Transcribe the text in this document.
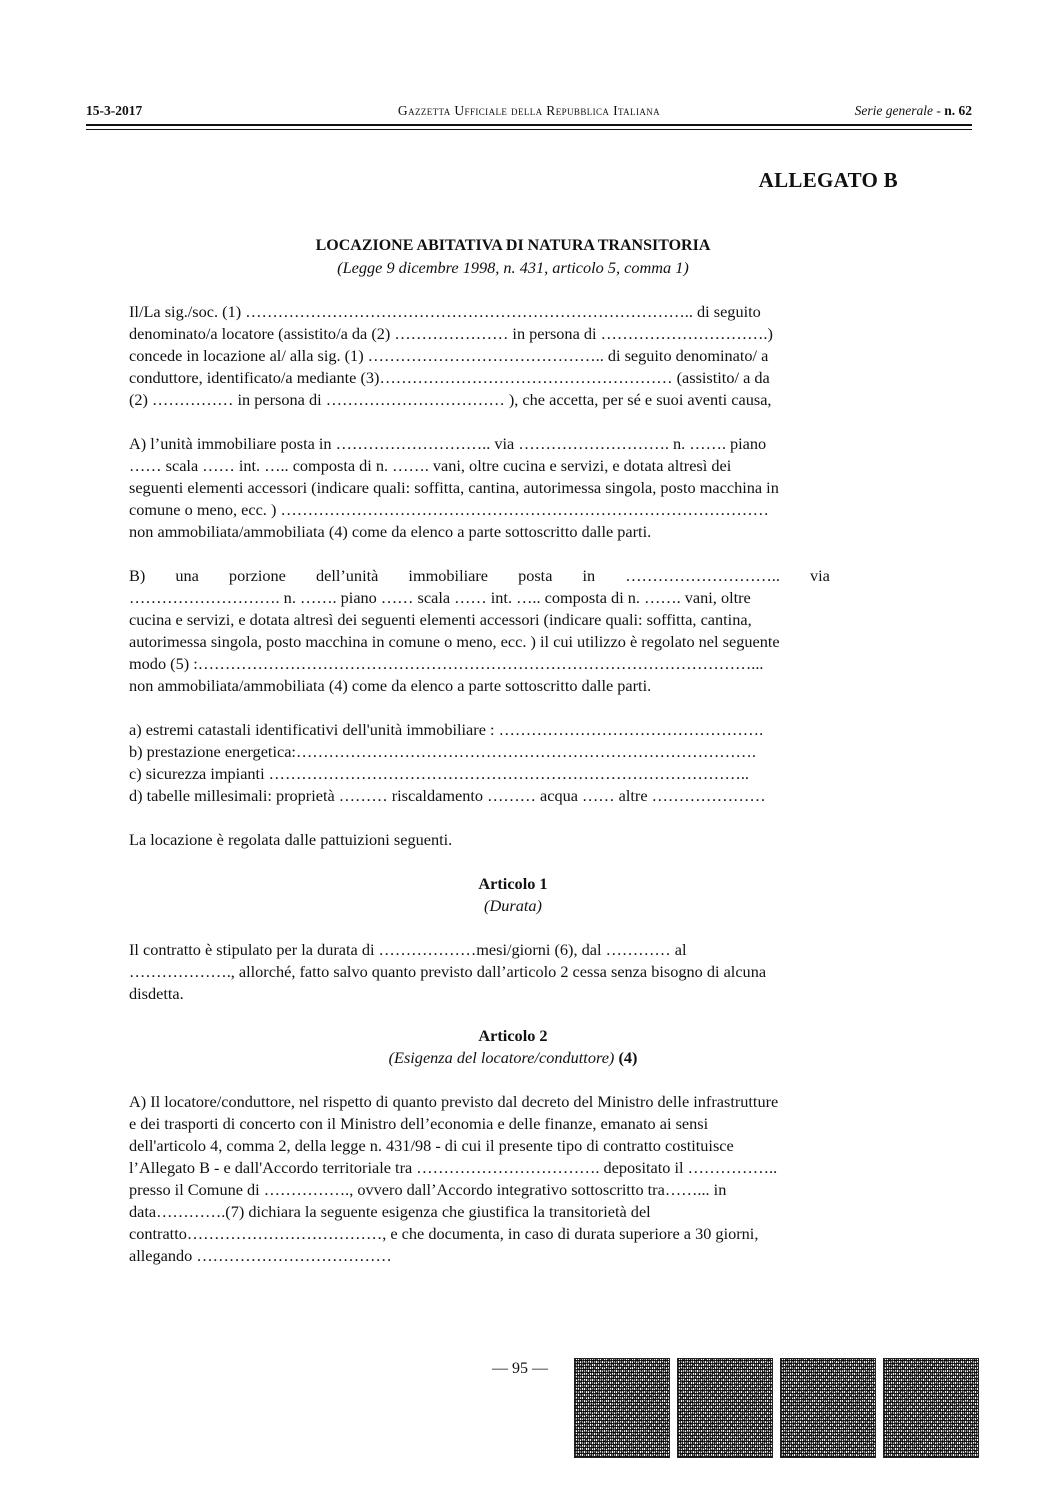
15-3-2017	Gazzetta Ufficiale della Repubblica Italiana	Serie generale - n. 62
ALLEGATO B

LOCAZIONE ABITATIVA DI NATURA TRANSITORIA

(Legge 9 dicembre 1998, n. 431, articolo 5, comma 1)

Il/La sig./soc. (1) ……………………………………………………………………….. di seguito

denominato/a locatore (assistito/a da (2) ………………… in persona di ………………………….)

concede in locazione al/ alla sig. (1) …………………………………….. di seguito denominato/ a

conduttore, identificato/a mediante (3)……………………………………………… (assistito/ a da

(2) …………… in persona di …………………………… ), che accetta, per sé e suoi aventi causa,

A) l’unità immobiliare posta in ……………………….. via ………………………. n. ……. piano

…… scala …… int. ….. composta di n. ……. vani, oltre cucina e servizi, e dotata altresì dei

seguenti elementi accessori (indicare quali: soffitta, cantina, autorimessa singola, posto macchina in

comune o meno, ecc. ) ………………………………………………………………………………

non ammobiliata/ammobiliata (4) come da elenco a parte sottoscritto dalle parti.

B) una porzione dell’unità immobiliare posta in ……………………….. via

………………………. n. ……. piano …… scala …… int. ….. composta di n. ……. vani, oltre

cucina e servizi, e dotata altresì dei seguenti elementi accessori (indicare quali: soffitta, cantina,

autorimessa singola, posto macchina in comune o meno, ecc. ) il cui utilizzo è regolato nel seguente

modo (5) :…………………………………………………………………………………………...

non ammobiliata/ammobiliata (4) come da elenco a parte sottoscritto dalle parti.

a) estremi catastali identificativi dell'unità immobiliare : ………………………………………….

b) prestazione energetica:………………………………………………………………………….

c) sicurezza impianti ……………………………………………………………………………..

d) tabelle millesimali: proprietà ……… riscaldamento ……… acqua …… altre …………………

La locazione è regolata dalle pattuizioni seguenti.

Articolo 1

(Durata)

Il contratto è stipulato per la durata di ………………mesi/giorni (6), dal ………… al

………………., allorché, fatto salvo quanto previsto dall’articolo 2 cessa senza bisogno di alcuna

disdetta.

Articolo 2

(Esigenza del locatore/conduttore) (4)

A) Il locatore/conduttore, nel rispetto di quanto previsto dal decreto del Ministro delle infrastrutture

e dei trasporti di concerto con il Ministro dell’economia e delle finanze, emanato ai sensi

dell'articolo 4, comma 2, della legge n. 431/98 - di cui il presente tipo di contratto costituisce

l’Allegato B - e dall'Accordo territoriale tra ……………………………. depositato il ……………..

presso il Comune di ……………., ovvero dall’Accordo integrativo sottoscritto tra……... in

data………….(7) dichiara la seguente esigenza che giustifica la transitorietà del

contratto………………………………, e che documenta, in caso di durata superiore a 30 giorni,

allegando ………………………………

— 95 —
